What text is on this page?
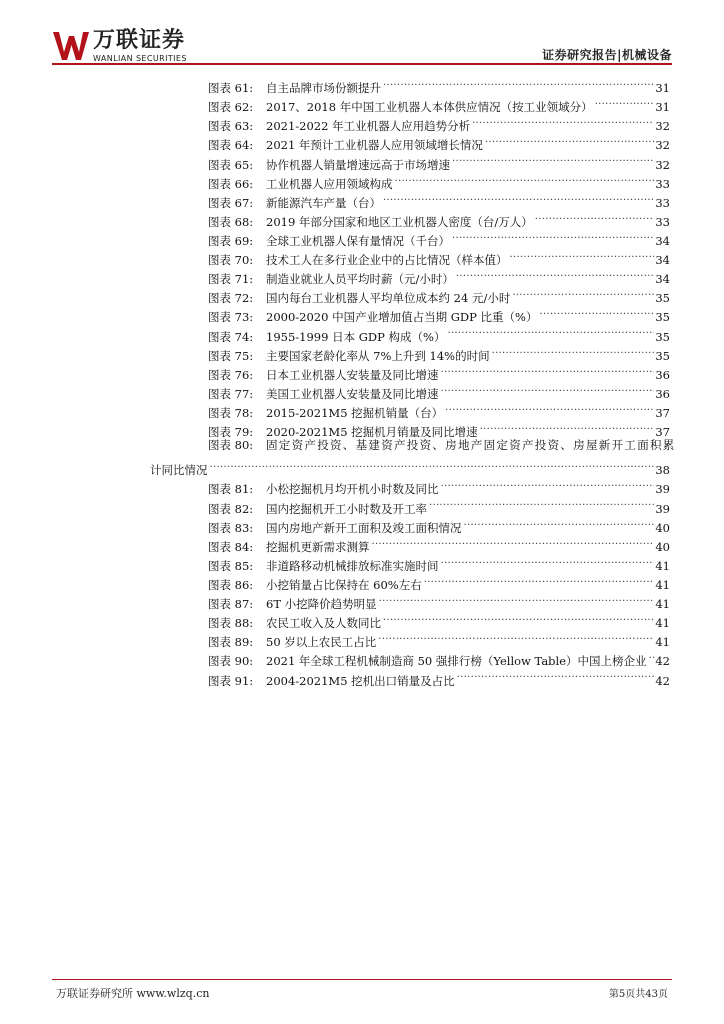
万联证券
WANLIAN SECURITIES	证券研究报告|机械设备
图表 61:	自主品牌市场份额提升 .....	31
图表 62:	2017、2018 年中国工业机器人本体供应情况（按工业领域分） .....	31
图表 63:	2021-2022 年工业机器人应用趋势分析 .....	32
图表 64:	2021 年预计工业机器人应用领域增长情况 .....	32
图表 65:	协作机器人销量增速远高于市场增速 .....	32
图表 66:	工业机器人应用领域构成 .....	33
图表 67:	新能源汽车产量（台） .....	33
图表 68:	2019 年部分国家和地区工业机器人密度（台/万人） .....	33
图表 69:	全球工业机器人保有量情况（千台） .....	34
图表 70:	技术工人在多行业企业中的占比情况（样本值） .....	34
图表 71:	制造业就业人员平均时薪（元/小时） .....	34
图表 72:	国内每台工业机器人平均单位成本约 24 元/小时 .....	35
图表 73:	2000-2020 中国产业增加值占当期 GDP 比重（%） .....	35
图表 74:	1955-1999 日本 GDP 构成（%） .....	35
图表 75:	主要国家老龄化率从 7%上升到 14%的时间 .....	35
图表 76:	日本工业机器人安装量及同比增速 .....	36
图表 77:	美国工业机器人安装量及同比增速 .....	36
图表 78:	2015-2021M5 挖掘机销量（台） .....	37
图表 79:	2020-2021M5 挖掘机月销量及同比增速 .....	37
图表 80:	固定资产投资、基建资产投资、房地产固定资产投资、房屋新开工面积累
计同比情况 .....	38
图表 81:	小松挖掘机月均开机小时数及同比 .....	39
图表 82:	国内挖掘机开工小时数及开工率 .....	39
图表 83:	国内房地产新开工面积及竣工面积情况 .....	40
图表 84:	挖掘机更新需求测算 .....	40
图表 85:	非道路移动机械排放标准实施时间 .....	41
图表 86:	小挖销量占比保持在 60%左右 .....	41
图表 87:	6T 小挖降价趋势明显 .....	41
图表 88:	农民工收入及人数同比 .....	41
图表 89:	50 岁以上农民工占比 .....	41
图表 90:	2021 年全球工程机械制造商 50 强排行榜（Yellow Table）中国上榜企业 ..... 42
图表 91:	2004-2021M5 挖机出口销量及占比 .....	42
万联证券研究所 www.wlzq.cn	第5页共43页
